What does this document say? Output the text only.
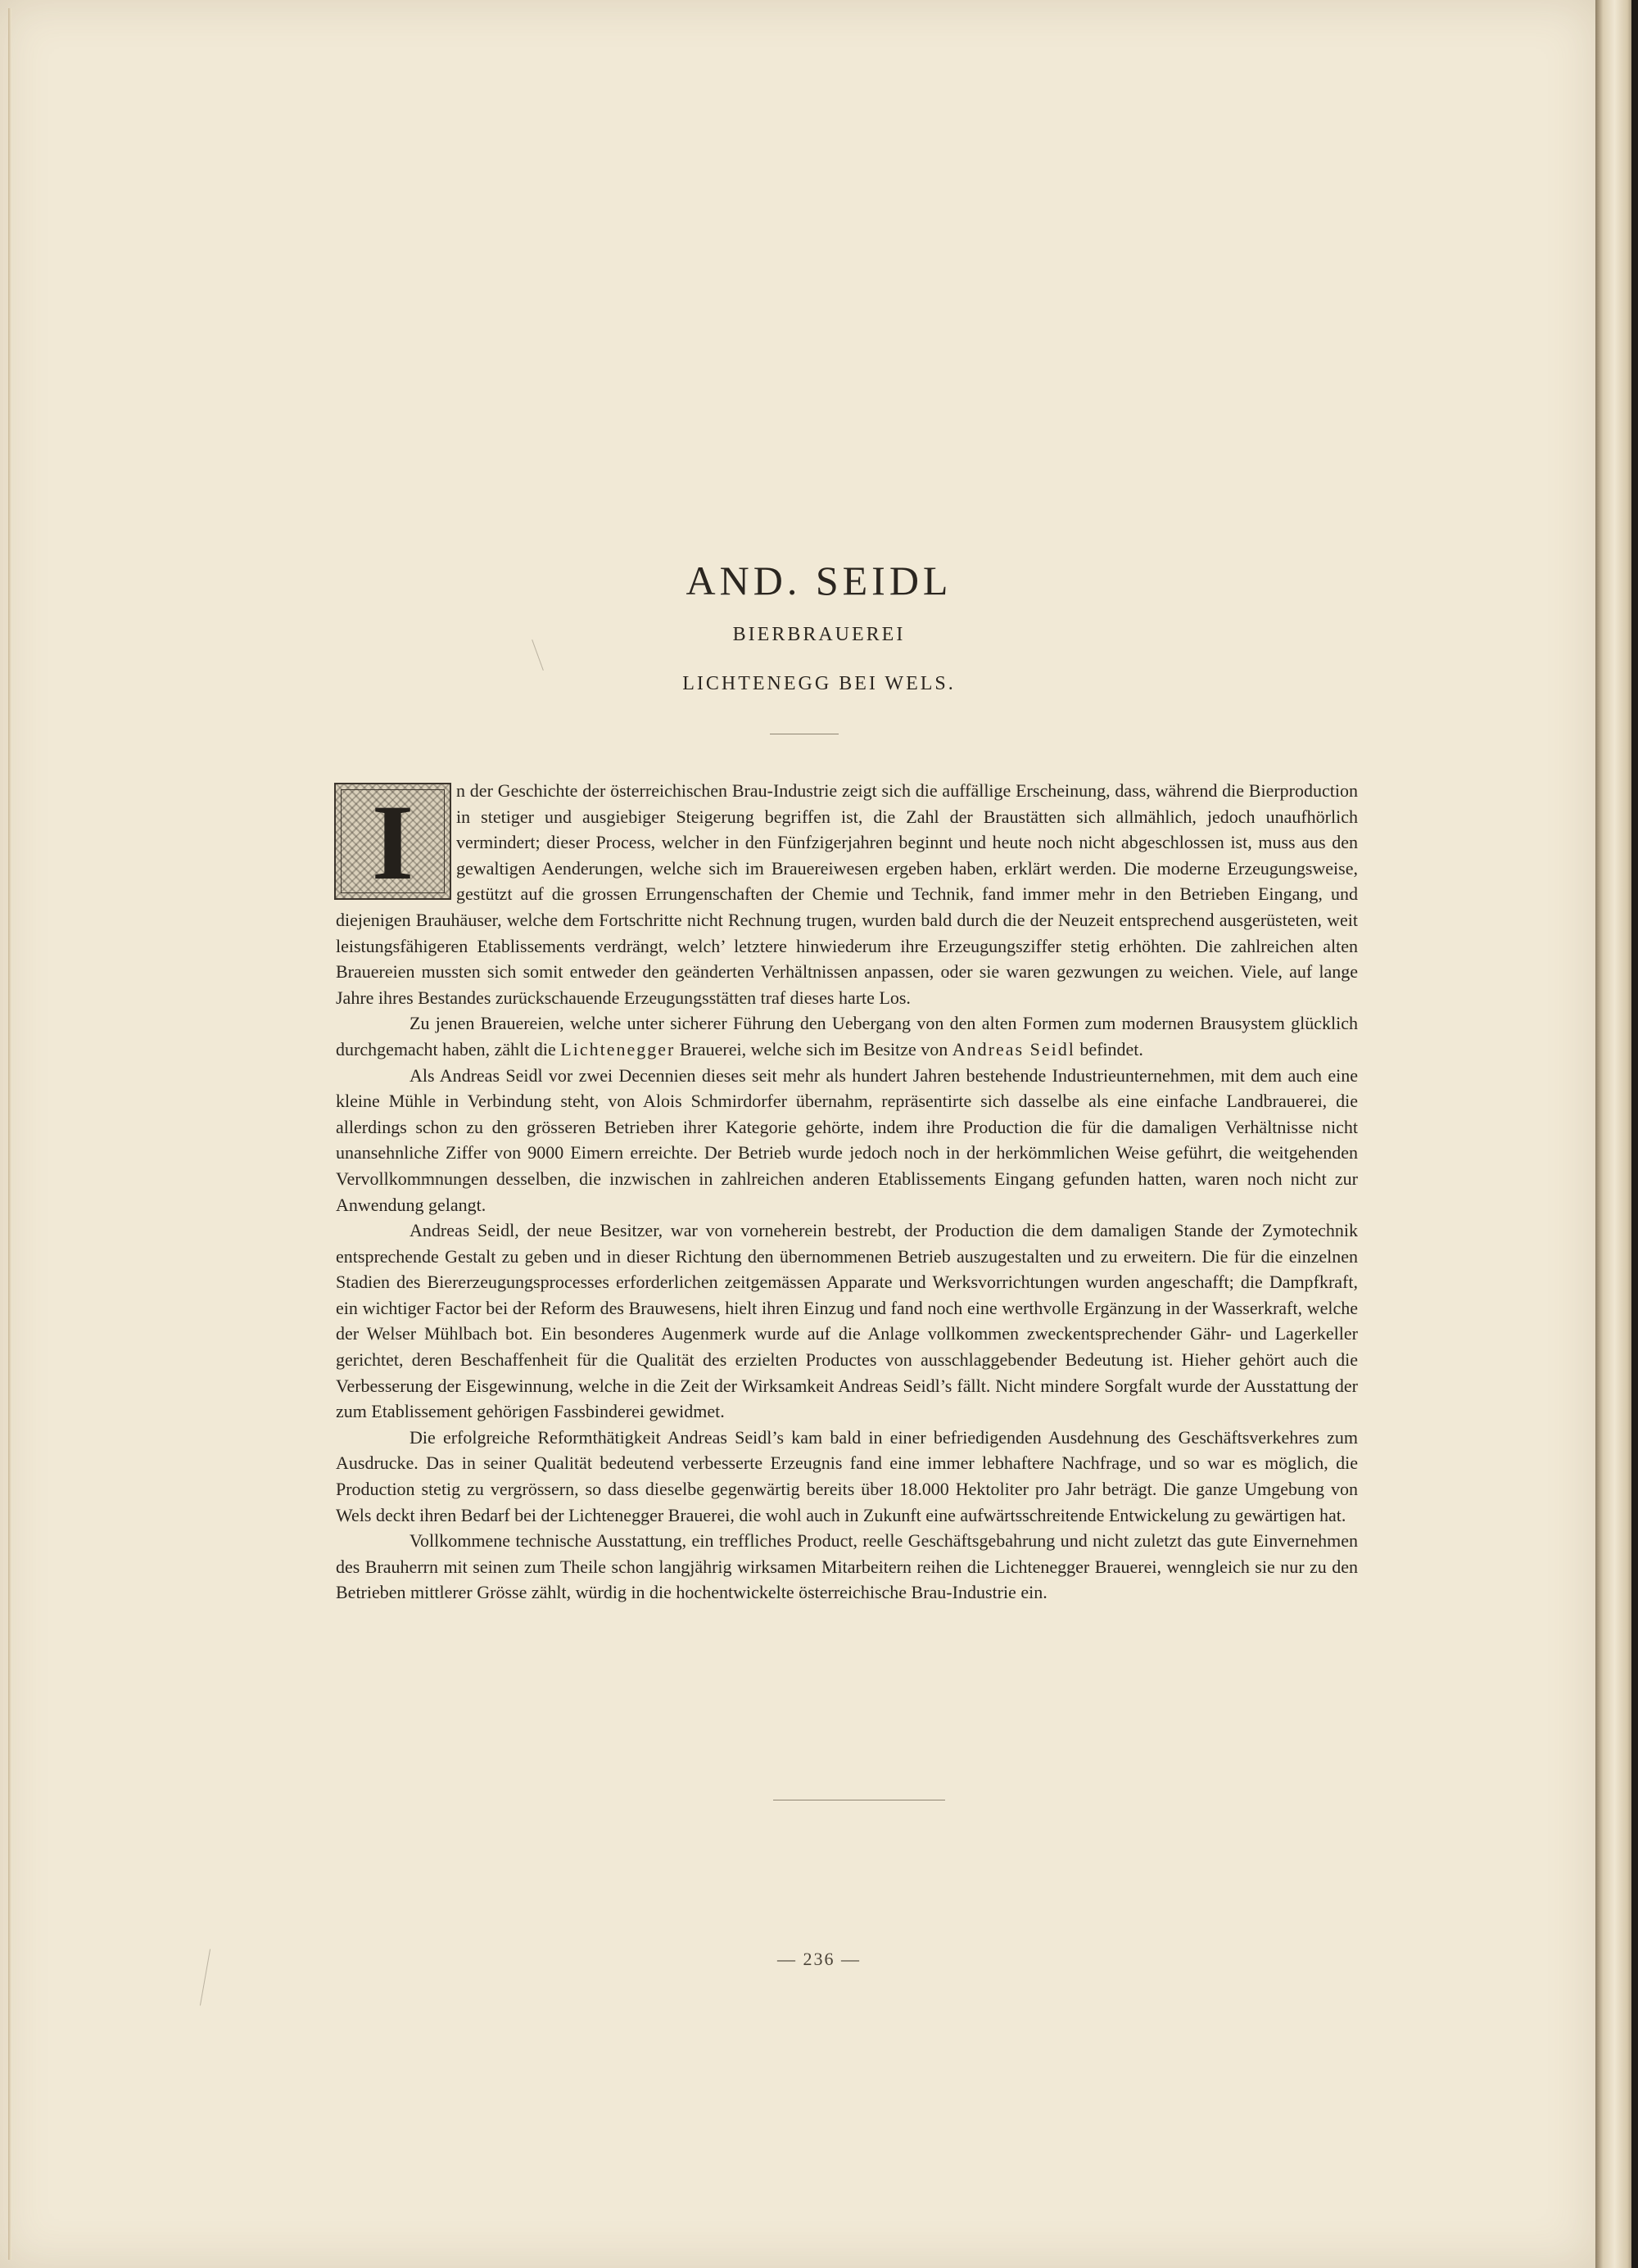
AND. SEIDL
BIERBRAUEREI
LICHTENEGG BEI WELS.
I	n der Geschichte der österreichischen Brau-Industrie zeigt sich die auffällige Erscheinung, dass, während die Bierproduction in stetiger und ausgiebiger Steigerung begriffen ist, die Zahl der Braustätten sich allmählich, jedoch unaufhörlich vermindert; dieser Process, welcher in den Fünfzigerjahren beginnt und heute noch nicht abgeschlossen ist, muss aus den gewaltigen Aenderungen, welche sich im Brauereiwesen ergeben haben, erklärt werden. Die moderne Erzeugungsweise, gestützt auf die grossen Errungenschaften der Chemie und Technik, fand immer mehr in den Betrieben Eingang, und diejenigen Brauhäuser, welche dem Fortschritte nicht Rechnung trugen, wurden bald durch die der Neuzeit entsprechend ausgerüsteten, weit leistungsfähigeren Etablissements verdrängt, welch’ letztere hinwiederum ihre Erzeugungsziffer stetig erhöhten. Die zahlreichen alten Brauereien mussten sich somit entweder den geänderten Verhältnissen anpassen, oder sie waren gezwungen zu weichen. Viele, auf lange Jahre ihres Bestandes zurückschauende Erzeugungsstätten traf dieses harte Los.

Zu jenen Brauereien, welche unter sicherer Führung den Uebergang von den alten Formen zum modernen Brausystem glücklich durchgemacht haben, zählt die Lichtenegger Brauerei, welche sich im Besitze von Andreas Seidl befindet.

Als Andreas Seidl vor zwei Decennien dieses seit mehr als hundert Jahren bestehende Industrieunternehmen, mit dem auch eine kleine Mühle in Verbindung steht, von Alois Schmirdorfer übernahm, repräsentirte sich dasselbe als eine einfache Landbrauerei, die allerdings schon zu den grösseren Betrieben ihrer Kategorie gehörte, indem ihre Production die für die damaligen Verhältnisse nicht unansehnliche Ziffer von 9000 Eimern erreichte. Der Betrieb wurde jedoch noch in der herkömmlichen Weise geführt, die weitgehenden Vervollkommnungen desselben, die inzwischen in zahlreichen anderen Etablissements Eingang gefunden hatten, waren noch nicht zur Anwendung gelangt.

Andreas Seidl, der neue Besitzer, war von vorneherein bestrebt, der Production die dem damaligen Stande der Zymotechnik entsprechende Gestalt zu geben und in dieser Richtung den übernommenen Betrieb auszugestalten und zu erweitern. Die für die einzelnen Stadien des Biererzeugungsprocesses erforderlichen zeitgemässen Apparate und Werksvorrichtungen wurden angeschafft; die Dampfkraft, ein wichtiger Factor bei der Reform des Brauwesens, hielt ihren Einzug und fand noch eine werthvolle Ergänzung in der Wasserkraft, welche der Welser Mühlbach bot. Ein besonderes Augenmerk wurde auf die Anlage vollkommen zweckentsprechender Gähr- und Lagerkeller gerichtet, deren Beschaffenheit für die Qualität des erzielten Productes von ausschlaggebender Bedeutung ist. Hieher gehört auch die Verbesserung der Eisgewinnung, welche in die Zeit der Wirksamkeit Andreas Seidl’s fällt. Nicht mindere Sorgfalt wurde der Ausstattung der zum Etablissement gehörigen Fassbinderei gewidmet.

Die erfolgreiche Reformthätigkeit Andreas Seidl’s kam bald in einer befriedigenden Ausdehnung des Geschäftsverkehres zum Ausdrucke. Das in seiner Qualität bedeutend verbesserte Erzeugnis fand eine immer lebhaftere Nachfrage, und so war es möglich, die Production stetig zu vergrössern, so dass dieselbe gegenwärtig bereits über 18.000 Hektoliter pro Jahr beträgt. Die ganze Umgebung von Wels deckt ihren Bedarf bei der Lichtenegger Brauerei, die wohl auch in Zukunft eine aufwärtsschreitende Entwickelung zu gewärtigen hat.

Vollkommene technische Ausstattung, ein treffliches Product, reelle Geschäftsgebahrung und nicht zuletzt das gute Einvernehmen des Brauherrn mit seinen zum Theile schon langjährig wirksamen Mitarbeitern reihen die Lichtenegger Brauerei, wenngleich sie nur zu den Betrieben mittlerer Grösse zählt, würdig in die hochentwickelte österreichische Brau-Industrie ein.

— 236 —
